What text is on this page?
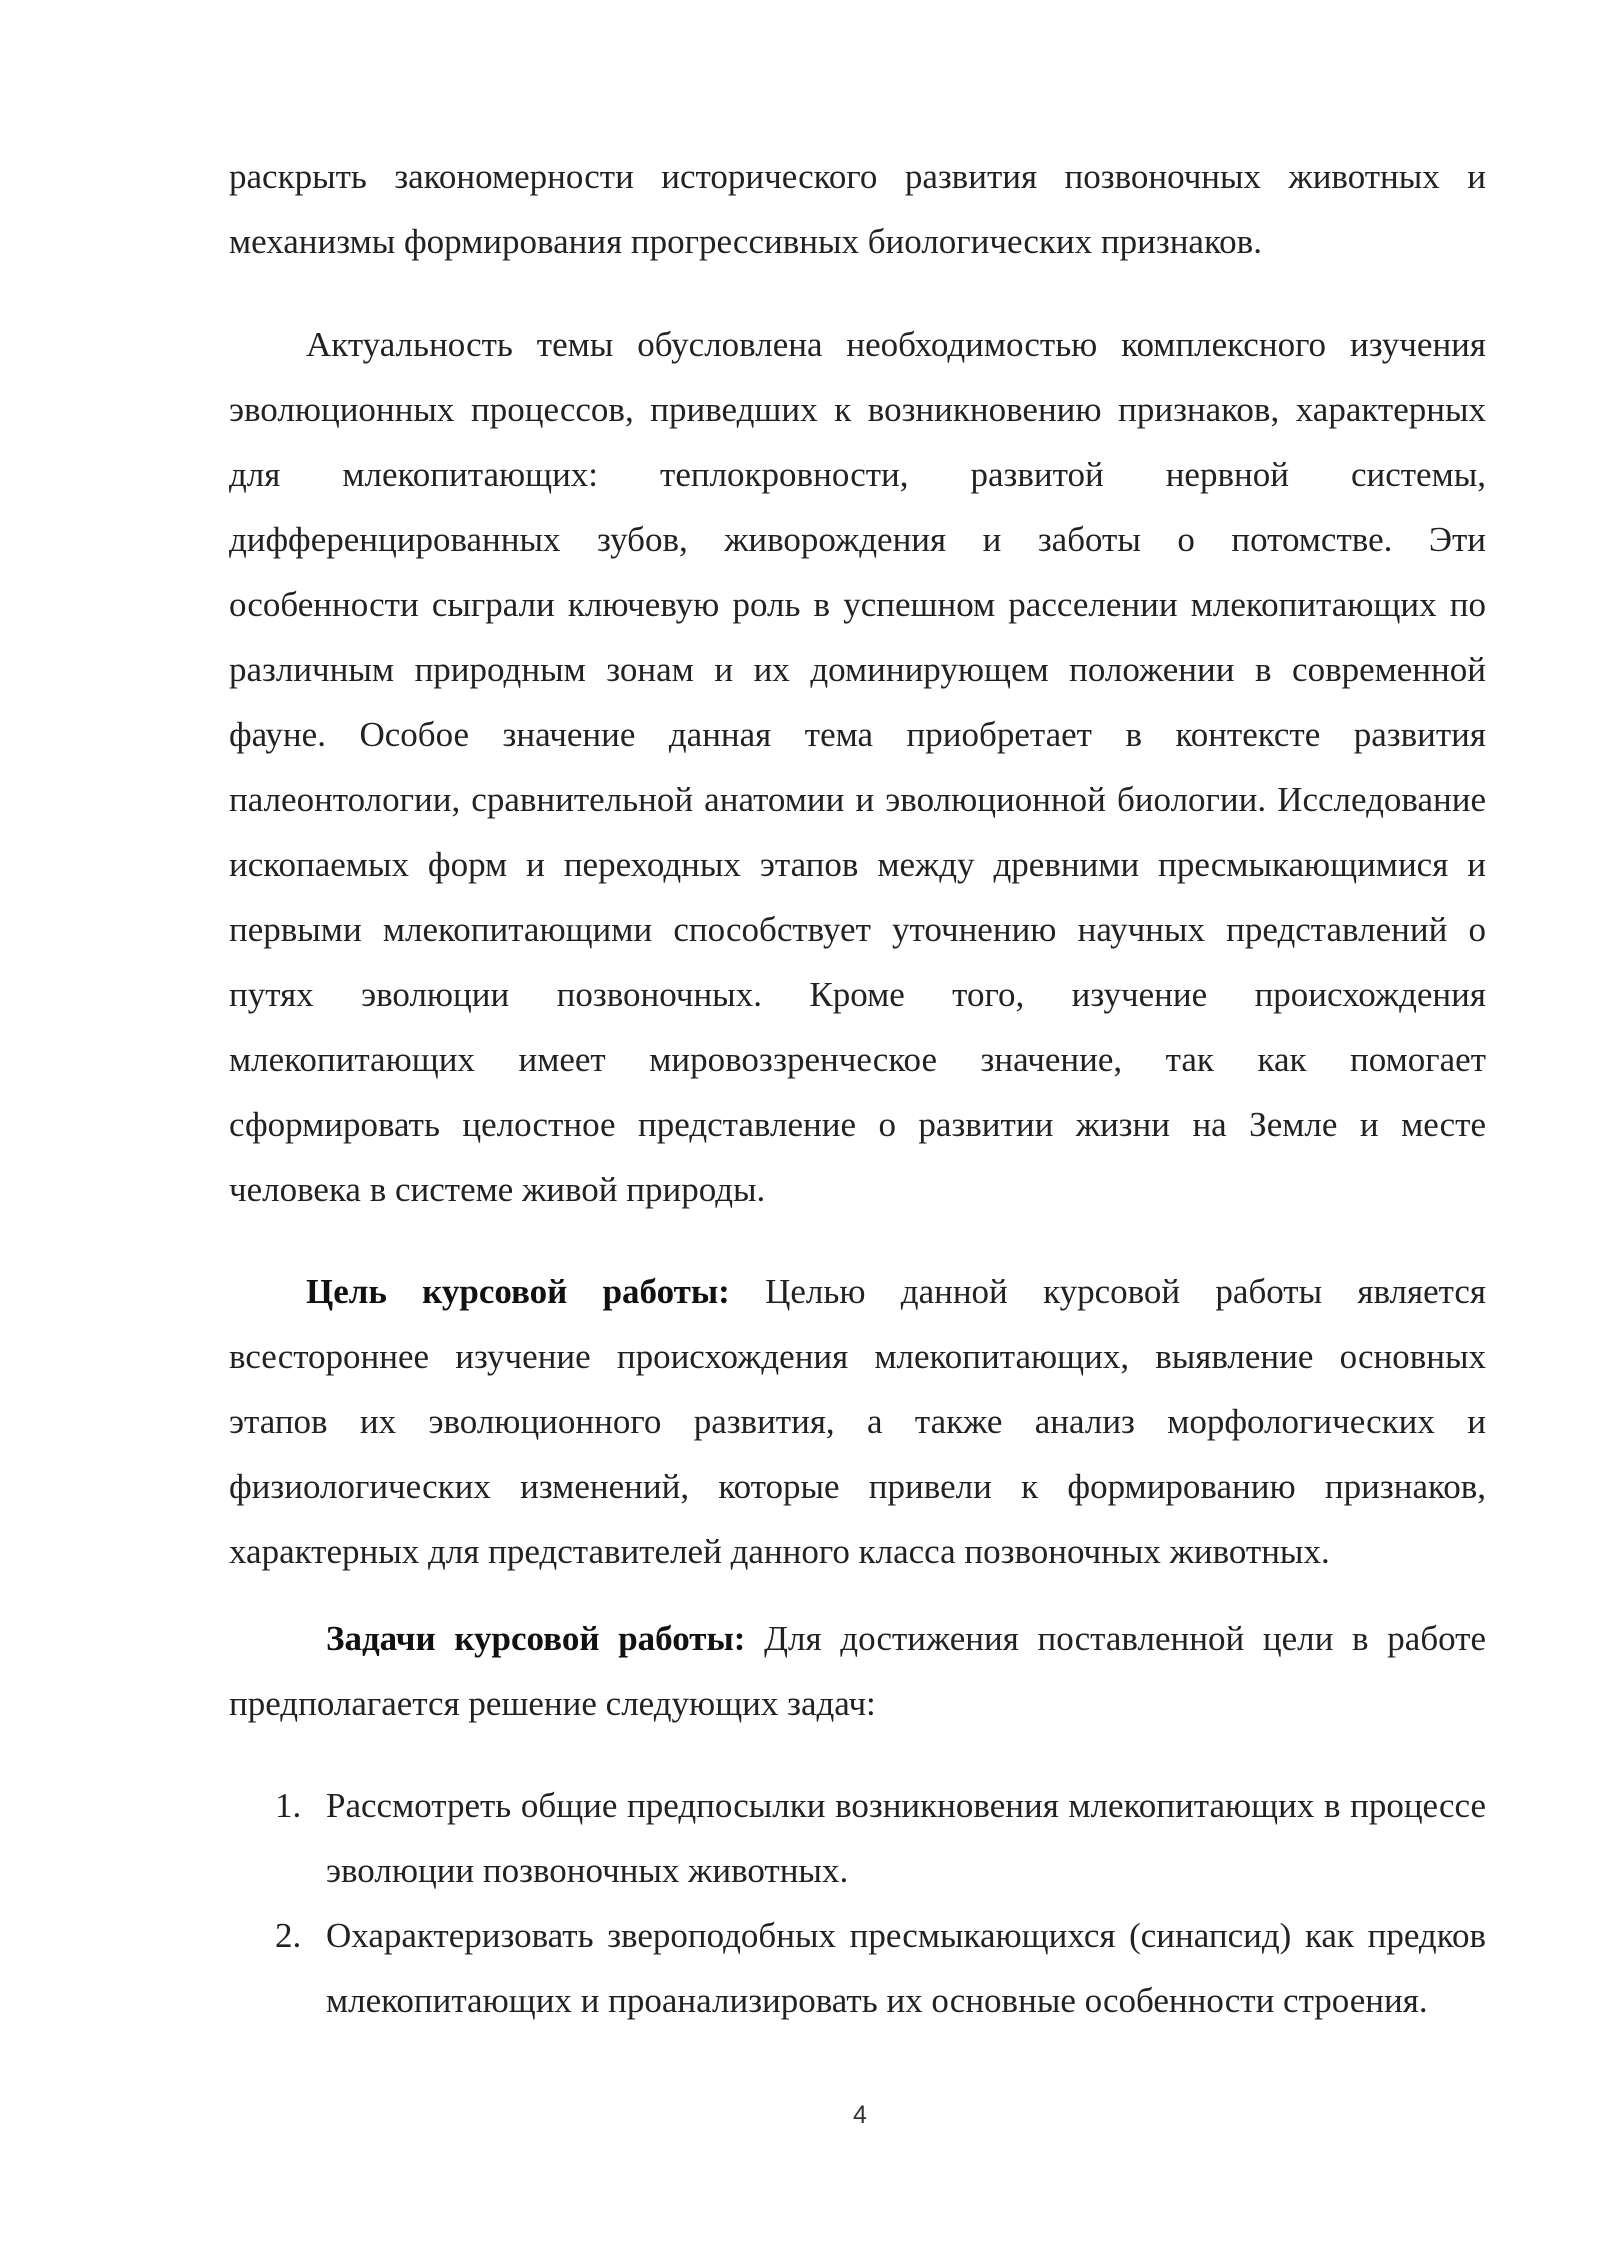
раскрыть закономерности исторического развития позвоночных животных и механизмы формирования прогрессивных биологических признаков.

Актуальность темы обусловлена необходимостью комплексного изучения эволюционных процессов, приведших к возникновению признаков, характерных для млекопитающих: теплокровности, развитой нервной системы, дифференцированных зубов, живорождения и заботы о потомстве. Эти особенности сыграли ключевую роль в успешном расселении млекопитающих по различным природным зонам и их доминирующем положении в современной фауне. Особое значение данная тема приобретает в контексте развития палеонтологии, сравнительной анатомии и эволюционной биологии. Исследование ископаемых форм и переходных этапов между древними пресмыкающимися и первыми млекопитающими способствует уточнению научных представлений о путях эволюции позвоночных. Кроме того, изучение происхождения млекопитающих имеет мировоззренческое значение, так как помогает сформировать целостное представление о развитии жизни на Земле и месте человека в системе живой природы.

Цель курсовой работы: Целью данной курсовой работы является всестороннее изучение происхождения млекопитающих, выявление основных этапов их эволюционного развития, а также анализ морфологических и физиологических изменений, которые привели к формированию признаков, характерных для представителей данного класса позвоночных животных.

Задачи курсовой работы: Для достижения поставленной цели в работе предполагается решение следующих задач:

1. Рассмотреть общие предпосылки возникновения млекопитающих в процессе эволюции позвоночных животных.
2. Охарактеризовать звероподобных пресмыкающихся (синапсид) как предков млекопитающих и проанализировать их основные особенности строения.
4
